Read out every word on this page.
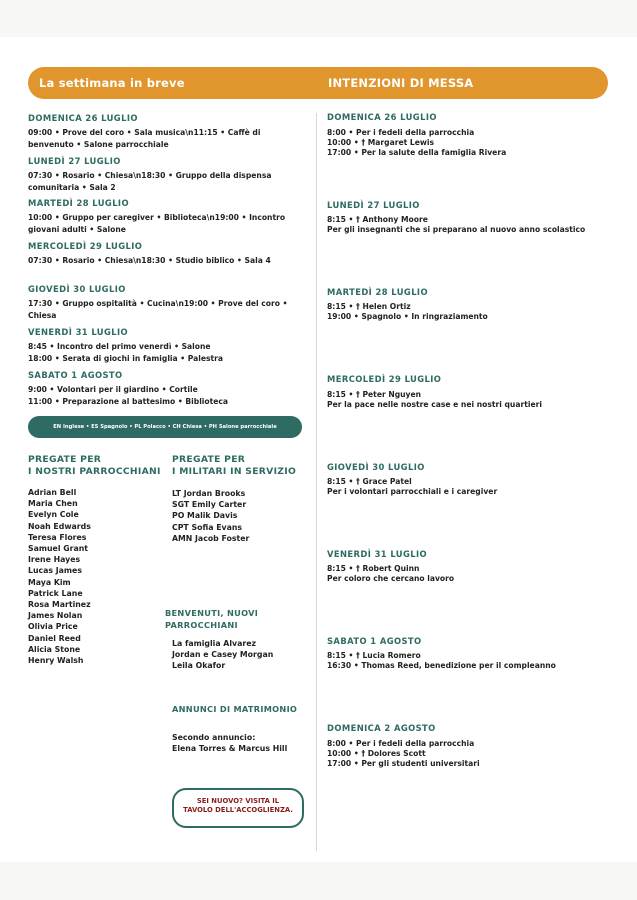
La settimana in breve	INTENZIONI DI MESSA
DOMENICA 26 LUGLIO
09:00 • Prove del coro • Sala musica\n11:15 • Caffè di
benvenuto • Salone parrocchiale
LUNEDÌ 27 LUGLIO
07:30 • Rosario • Chiesa\n18:30 • Gruppo della dispensa
comunitaria • Sala 2
MARTEDÌ 28 LUGLIO
10:00 • Gruppo per caregiver • Biblioteca\n19:00 • Incontro
giovani adulti • Salone
MERCOLEDÌ 29 LUGLIO
07:30 • Rosario • Chiesa\n18:30 • Studio biblico • Sala 4
GIOVEDÌ 30 LUGLIO
17:30 • Gruppo ospitalità • Cucina\n19:00 • Prove del coro •
Chiesa
VENERDÌ 31 LUGLIO
8:45 • Incontro del primo venerdì • Salone
18:00 • Serata di giochi in famiglia • Palestra
SABATO 1 AGOSTO
9:00 • Volontari per il giardino • Cortile
11:00 • Preparazione al battesimo • Biblioteca
EN Inglese • ES Spagnolo • PL Polacco • CH Chiesa • PH Salone parrocchiale
PREGATE PER
I NOSTRI PARROCCHIANI
Adrian Bell
Maria Chen
Evelyn Cole
Noah Edwards
Teresa Flores
Samuel Grant
Irene Hayes
Lucas James
Maya Kim
Patrick Lane
Rosa Martinez
James Nolan
Olivia Price
Daniel Reed
Alicia Stone
Henry Walsh
PREGATE PER
I MILITARI IN SERVIZIO
LT Jordan Brooks
SGT Emily Carter
PO Malik Davis
CPT Sofia Evans
AMN Jacob Foster
BENVENUTI, NUOVI
PARROCCHIANI
La famiglia Alvarez
Jordan e Casey Morgan
Leila Okafor
ANNUNCI DI MATRIMONIO
Secondo annuncio:
Elena Torres & Marcus Hill
SEI NUOVO? VISITA IL
TAVOLO DELL'ACCOGLIENZA.
DOMENICA 26 LUGLIO
8:00 • Per i fedeli della parrocchia
10:00 • † Margaret Lewis
17:00 • Per la salute della famiglia Rivera
LUNEDÌ 27 LUGLIO
8:15 • † Anthony Moore
Per gli insegnanti che si preparano al nuovo anno scolastico
MARTEDÌ 28 LUGLIO
8:15 • † Helen Ortiz
19:00 • Spagnolo • In ringraziamento
MERCOLEDÌ 29 LUGLIO
8:15 • † Peter Nguyen
Per la pace nelle nostre case e nei nostri quartieri
GIOVEDÌ 30 LUGLIO
8:15 • † Grace Patel
Per i volontari parrocchiali e i caregiver
VENERDÌ 31 LUGLIO
8:15 • † Robert Quinn
Per coloro che cercano lavoro
SABATO 1 AGOSTO
8:15 • † Lucia Romero
16:30 • Thomas Reed, benedizione per il compleanno
DOMENICA 2 AGOSTO
8:00 • Per i fedeli della parrocchia
10:00 • † Dolores Scott
17:00 • Per gli studenti universitari
